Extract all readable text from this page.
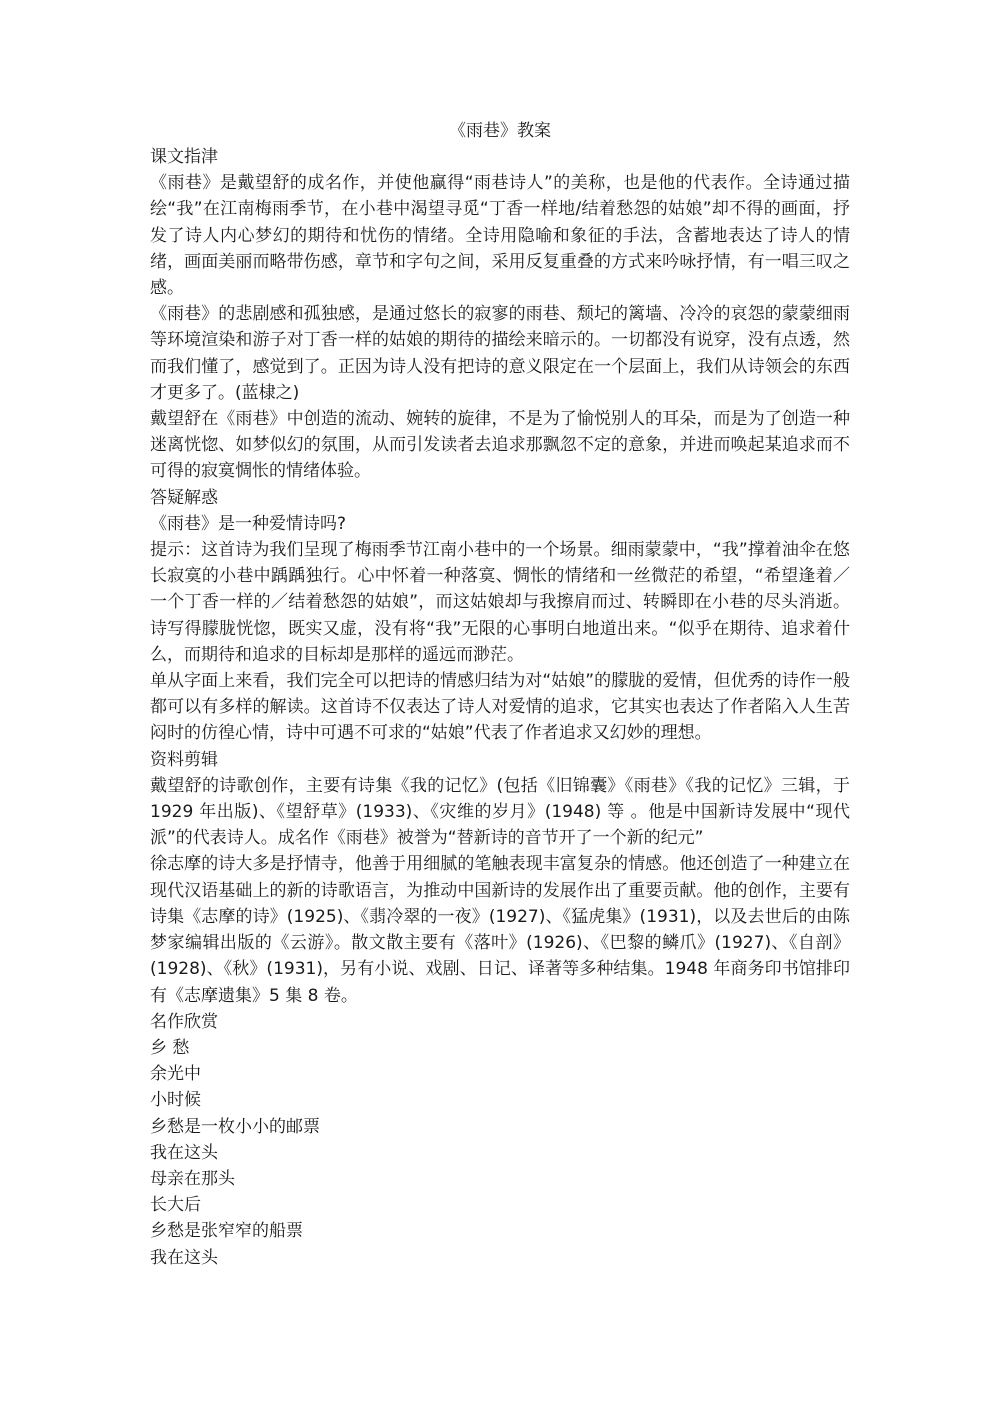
《雨巷》教案

课文指津

《雨巷》是戴望舒的成名作，并使他赢得“雨巷诗人”的美称，也是他的代表作。全诗通过描绘“我”在江南梅雨季节，在小巷中渴望寻觅“丁香一样地/结着愁怨的姑娘”却不得的画面，抒发了诗人内心梦幻的期待和忧伤的情绪。全诗用隐喻和象征的手法，含蓄地表达了诗人的情绪，画面美丽而略带伤感，章节和字句之间，采用反复重叠的方式来吟咏抒情，有一唱三叹之感。

《雨巷》的悲剧感和孤独感，是通过悠长的寂寥的雨巷、颓圮的篱墙、冷冷的哀怨的蒙蒙细雨等环境渲染和游子对丁香一样的姑娘的期待的描绘来暗示的。一切都没有说穿，没有点透，然而我们懂了，感觉到了。正因为诗人没有把诗的意义限定在一个层面上，我们从诗领会的东西才更多了。(蓝棣之)

戴望舒在《雨巷》中创造的流动、婉转的旋律，不是为了愉悦别人的耳朵，而是为了创造一种迷离恍惚、如梦似幻的氛围，从而引发读者去追求那飘忽不定的意象，并进而唤起某追求而不可得的寂寞惆怅的情绪体验。

答疑解惑

《雨巷》是一种爱情诗吗?

提示：这首诗为我们呈现了梅雨季节江南小巷中的一个场景。细雨蒙蒙中，“我”撑着油伞在悠长寂寞的小巷中踽踽独行。心中怀着一种落寞、惆怅的情绪和一丝微茫的希望，“希望逢着／一个丁香一样的／结着愁怨的姑娘”，而这姑娘却与我擦肩而过、转瞬即在小巷的尽头消逝。诗写得朦胧恍惚，既实又虚，没有将“我”无限的心事明白地道出来。“似乎在期待、追求着什么，而期待和追求的目标却是那样的遥远而渺茫。

单从字面上来看，我们完全可以把诗的情感归结为对“姑娘”的朦胧的爱情，但优秀的诗作一般都可以有多样的解读。这首诗不仅表达了诗人对爱情的追求，它其实也表达了作者陷入人生苦闷时的仿徨心情，诗中可遇不可求的“姑娘”代表了作者追求又幻妙的理想。

资料剪辑

戴望舒的诗歌创作，主要有诗集《我的记忆》(包括《旧锦囊》《雨巷》《我的记忆》三辑，于 1929 年出版)、《望舒草》(1933)、《灾维的岁月》(1948) 等 。他是中国新诗发展中“现代派”的代表诗人。成名作《雨巷》被誉为“替新诗的音节开了一个新的纪元”

徐志摩的诗大多是抒情寺，他善于用细腻的笔触表现丰富复杂的情感。他还创造了一种建立在现代汉语基础上的新的诗歌语言，为推动中国新诗的发展作出了重要贡献。他的创作，主要有诗集《志摩的诗》(1925)、《翡冷翠的一夜》(1927)、《猛虎集》(1931)，以及去世后的由陈梦家编辑出版的《云游》。散文散主要有《落叶》(1926)、《巴黎的鳞爪》(1927)、《自剖》(1928)、《秋》(1931)，另有小说、戏剧、日记、译著等多种结集。1948 年商务印书馆排印有《志摩遗集》5 集 8 卷。

名作欣赏

乡 愁

余光中

小时候

乡愁是一枚小小的邮票

我在这头

母亲在那头

长大后

乡愁是张窄窄的船票

我在这头
